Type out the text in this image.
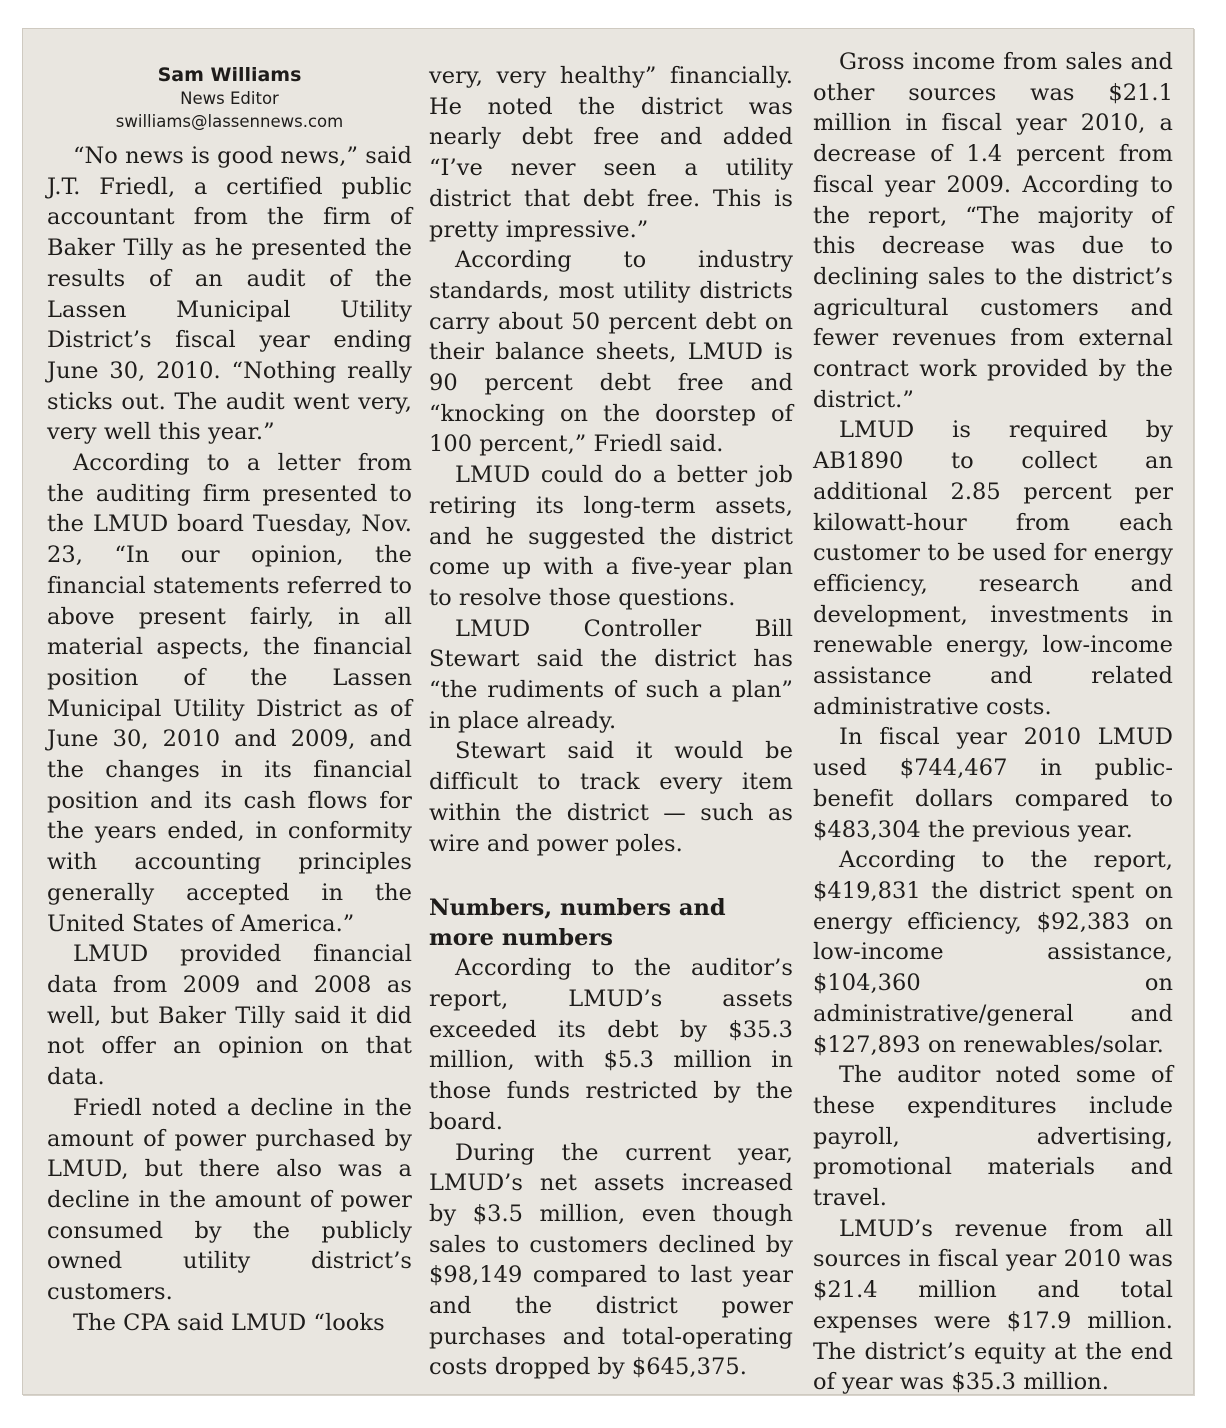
Sam Williams
News Editor
swilliams@lassennews.com

“No news is good news,” said J.T. Friedl, a certified public accountant from the firm of Baker Tilly as he presented the results of an audit of the Lassen Municipal Utility District’s fiscal year ending June 30, 2010. “Nothing really sticks out. The audit went very, very well this year.”

According to a letter from the auditing firm presented to the LMUD board Tuesday, Nov. 23, “In our opinion, the financial statements referred to above present fairly, in all material aspects, the financial position of the Lassen Municipal Utility District as of June 30, 2010 and 2009, and the changes in its financial position and its cash flows for the years ended, in conformity with accounting principles generally accepted in the United States of America.”

LMUD provided financial data from 2009 and 2008 as well, but Baker Tilly said it did not offer an opinion on that data.

Friedl noted a decline in the amount of power purchased by LMUD, but there also was a decline in the amount of power consumed by the publicly owned utility district’s customers.

The CPA said LMUD “looks

very, very healthy” financially. He noted the district was nearly debt free and added “I’ve never seen a utility district that debt free. This is pretty impressive.”

According to industry standards, most utility districts carry about 50 percent debt on their balance sheets, LMUD is 90 percent debt free and “knocking on the doorstep of 100 percent,” Friedl said.

LMUD could do a better job retiring its long-term assets, and he suggested the district come up with a five-year plan to resolve those questions.

LMUD Controller Bill Stewart said the district has “the rudiments of such a plan” in place already.

Stewart said it would be difficult to track every item within the district — such as wire and power poles.

Numbers, numbers and more numbers

According to the auditor’s report, LMUD’s assets exceeded its debt by $35.3 million, with $5.3 million in those funds restricted by the board.

During the current year, LMUD’s net assets increased by $3.5 million, even though sales to customers declined by $98,149 compared to last year and the district power purchases and total-operating costs dropped by $645,375.

Gross income from sales and other sources was $21.1 million in fiscal year 2010, a decrease of 1.4 percent from fiscal year 2009. According to the report, “The majority of this decrease was due to declining sales to the district’s agricultural customers and fewer revenues from external contract work provided by the district.”

LMUD is required by AB1890 to collect an additional 2.85 percent per kilowatt-hour from each customer to be used for energy efficiency, research and development, investments in renewable energy, low-income assistance and related administrative costs.

In fiscal year 2010 LMUD used $744,467 in public-benefit dollars compared to $483,304 the previous year.

According to the report, $419,831 the district spent on energy efficiency, $92,383 on low-income assistance, $104,360 on administrative/general and $127,893 on renewables/solar.

The auditor noted some of these expenditures include payroll, advertising, promotional materials and travel.

LMUD’s revenue from all sources in fiscal year 2010 was $21.4 million and total expenses were $17.9 million. The district’s equity at the end of year was $35.3 million.
